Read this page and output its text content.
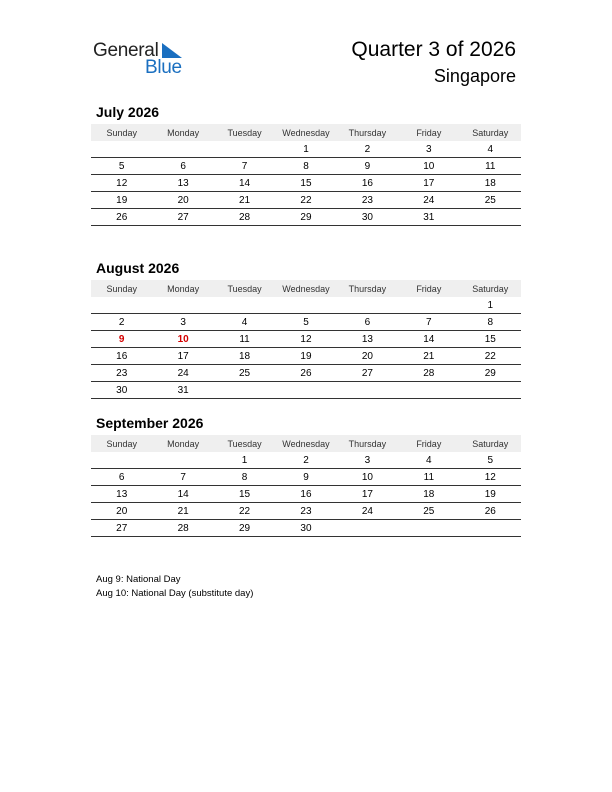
General
Blue
Quarter 3 of 2026
Singapore
July 2026
Sunday	Monday	Tuesday	Wednesday	Thursday	Friday	Saturday
			1	2	3	4
5	6	7	8	9	10	11
12	13	14	15	16	17	18
19	20	21	22	23	24	25
26	27	28	29	30	31	
August 2026
Sunday	Monday	Tuesday	Wednesday	Thursday	Friday	Saturday
						1
2	3	4	5	6	7	8
9	10	11	12	13	14	15
16	17	18	19	20	21	22
23	24	25	26	27	28	29
30	31					
September 2026
Sunday	Monday	Tuesday	Wednesday	Thursday	Friday	Saturday
		1	2	3	4	5
6	7	8	9	10	11	12
13	14	15	16	17	18	19
20	21	22	23	24	25	26
27	28	29	30			
Aug 9: National Day
Aug 10: National Day (substitute day)
